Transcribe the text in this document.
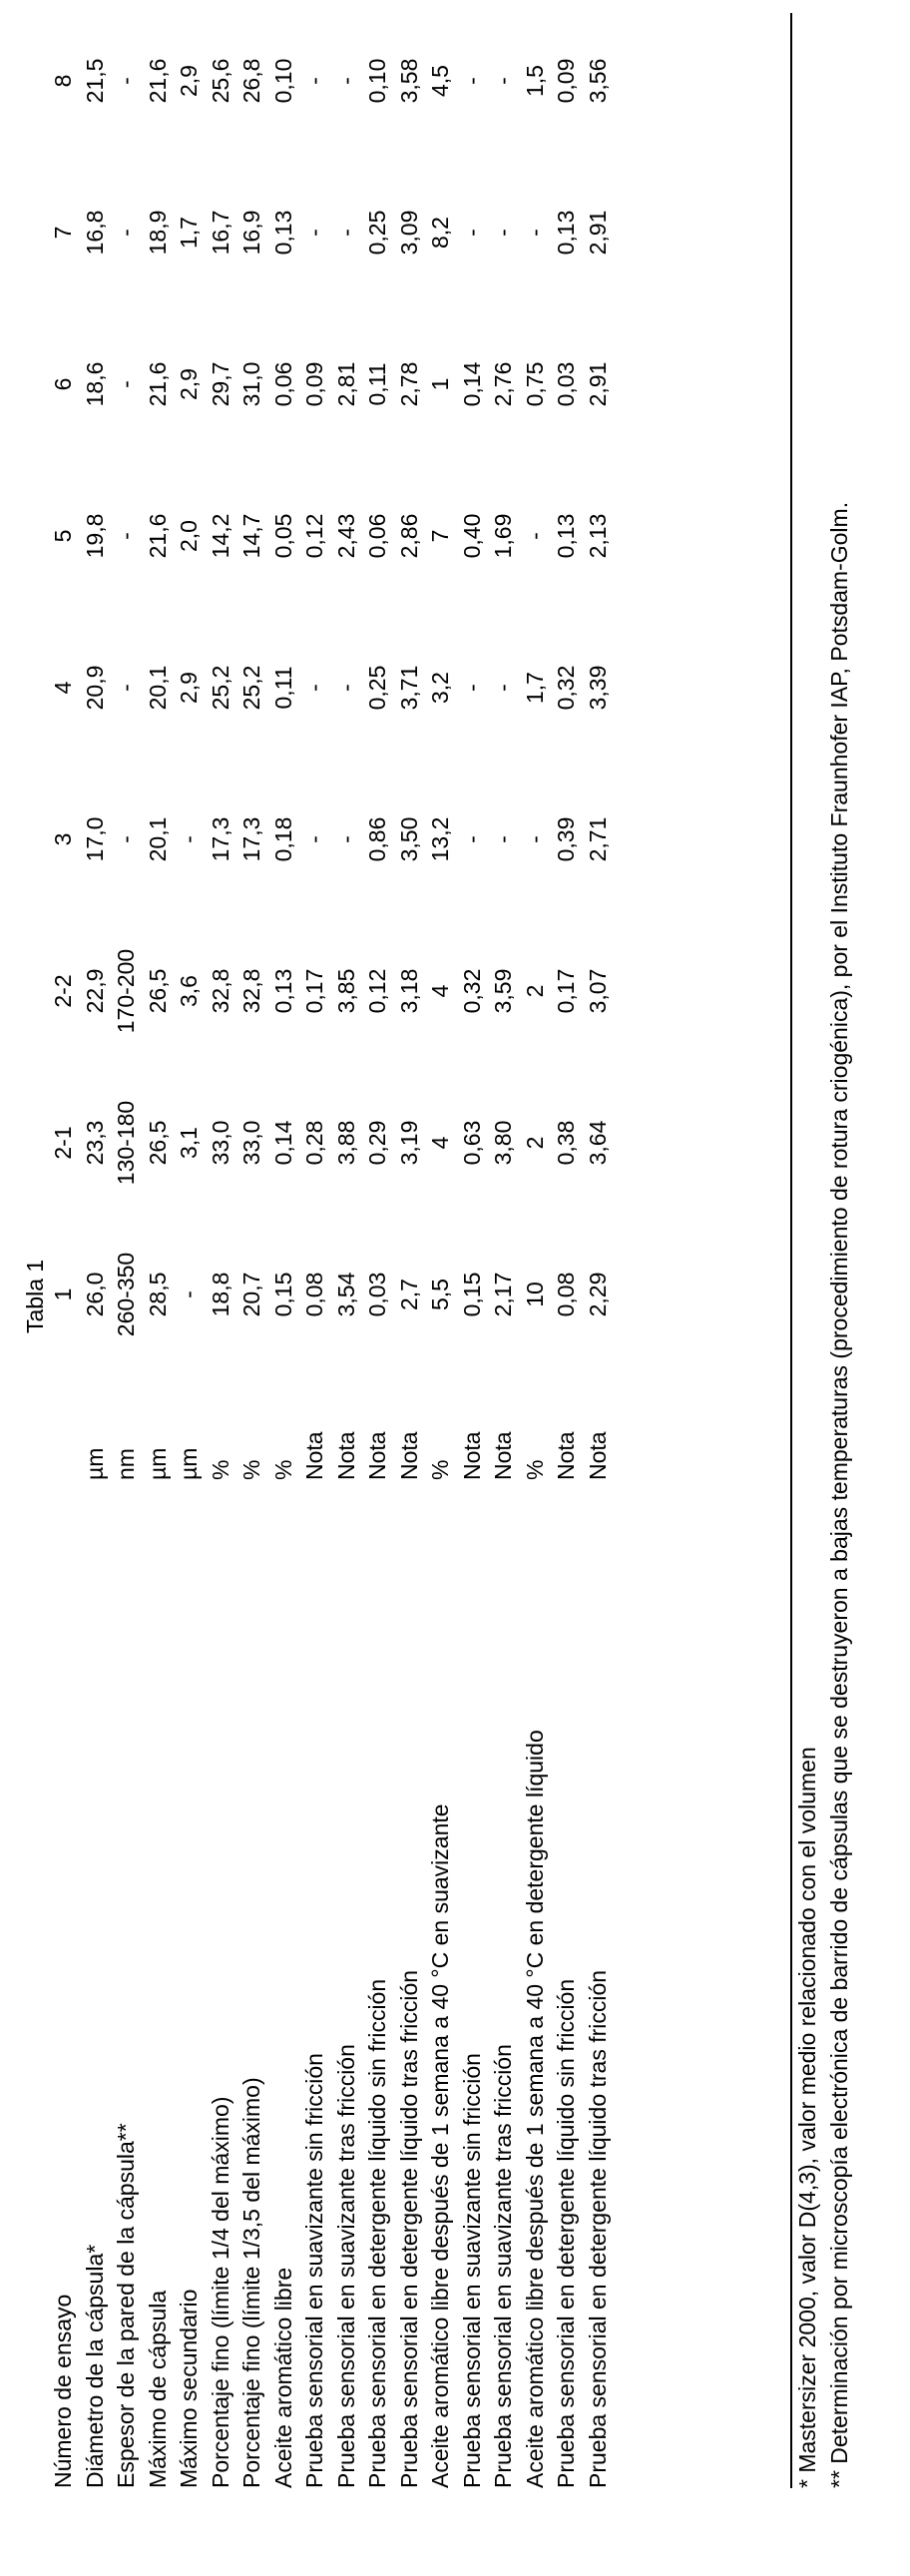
Tabla 1
Número de ensayo		1	2-1	2-2	3	4	5	6	7	8
Diámetro de la cápsula*	µm	26,0	23,3	22,9	17,0	20,9	19,8	18,6	16,8	21,5
Espesor de la pared de la cápsula**	nm	260-350	130-180	170-200	-	-	-	-	-	-
Máximo de cápsula	µm	28,5	26,5	26,5	20,1	20,1	21,6	21,6	18,9	21,6
Máximo secundario	µm	-	3,1	3,6	-	2,9	2,0	2,9	1,7	2,9
Porcentaje fino (límite 1/4 del máximo)	%	18,8	33,0	32,8	17,3	25,2	14,2	29,7	16,7	25,6
Porcentaje fino (límite 1/3,5 del máximo)	%	20,7	33,0	32,8	17,3	25,2	14,7	31,0	16,9	26,8
Aceite aromático libre	%	0,15	0,14	0,13	0,18	0,11	0,05	0,06	0,13	0,10
Prueba sensorial en suavizante sin fricción	Nota	0,08	0,28	0,17	-	-	0,12	0,09	-	-
Prueba sensorial en suavizante tras fricción	Nota	3,54	3,88	3,85	-	-	2,43	2,81	-	-
Prueba sensorial en detergente líquido sin fricción	Nota	0,03	0,29	0,12	0,86	0,25	0,06	0,11	0,25	0,10
Prueba sensorial en detergente líquido tras fricción	Nota	2,7	3,19	3,18	3,50	3,71	2,86	2,78	3,09	3,58
Aceite aromático libre después de 1 semana a 40 °C en suavizante	%	5,5	4	4	13,2	3,2	7	1	8,2	4,5
Prueba sensorial en suavizante sin fricción	Nota	0,15	0,63	0,32	-	-	0,40	0,14	-	-
Prueba sensorial en suavizante tras fricción	Nota	2,17	3,80	3,59	-	-	1,69	2,76	-	-
Aceite aromático libre después de 1 semana a 40 °C en detergente líquido	%	10	2	2	-	1,7	-	0,75	-	1,5
Prueba sensorial en detergente líquido sin fricción	Nota	0,08	0,38	0,17	0,39	0,32	0,13	0,03	0,13	0,09
Prueba sensorial en detergente líquido tras fricción	Nota	2,29	3,64	3,07	2,71	3,39	2,13	2,91	2,91	3,56

* Mastersizer 2000, valor D(4,3), valor medio relacionado con el volumen ** Determinación por microscopía electrónica de barrido de cápsulas que se destruyeron a bajas temperaturas (procedimiento de rotura criogénica), por el Instituto Fraunhofer IAP, Potsdam-Golm.
